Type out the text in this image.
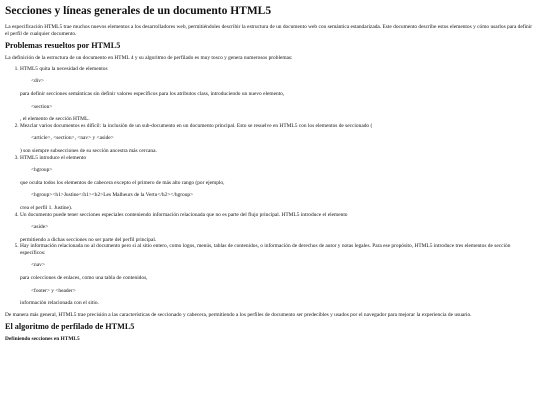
Secciones y líneas generales de un documento HTML5

La especificación HTML5 trae muchos nuevos elementos a los desarrolladores web, permitiéndoles describir la estructura de un documento web con semántica estandarizada. Este documento describe estos elementos y cómo usarlos para definir el perfil de cualquier documento.

Problemas resueltos por HTML5

La definición de la estructura de un documento en HTML 4 y su algoritmo de perfilado es muy tosco y genera numerosos problemas:

1. HTML5 quita la necesidad de elementos
<div>
para definir secciones semánticas sin definir valores específicos para los atributos class, introduciendo un nuevo elemento,
<section>
, el elemento de sección HTML.
2. Mezclar varios documentos es difícil: la inclusión de un sub-documento en un documento principal. Esto se resuelve en HTML5 con los elementos de seccionado (
<article>, <section>, <nav> y <aside>
) son siempre subsecciones de su sección ancestra más cercana.
3. HTML5 introduce el elemento
<hgroup>
que oculta todos los elementos de cabecera excepto el primero de más alto rango (por ejemplo,
<hgroup><h1>Justine</h1><h2>Les Malheurs de la Vertu</h2></hgroup>
crea el perfil 1. Justine).
4. Un documento puede tener secciones especiales conteniendo información relacionada que no es parte del flujo principal. HTML5 introduce el elemento
<aside>
permitiendo a dichas secciones no ser parte del perfil principal.
5. Hay información relacionada no al documento pero si al sitio entero, como logos, menús, tablas de contenidos, o información de derechos de autor y notas legales. Para ese propósito, HTML5 introduce tres elementos de sección específicos:
<nav>
para colecciones de enlaces, como una tabla de contenidos,
<footer> y <header>
información relacionada con el sitio.

De manera más general, HTML5 trae precisión a las características de seccionado y cabecera, permitiendo a los perfiles de documento ser predecibles y usados por el navegador para mejorar la experiencia de usuario.

El algoritmo de perfilado de HTML5
Definiendo secciones en HTML5
